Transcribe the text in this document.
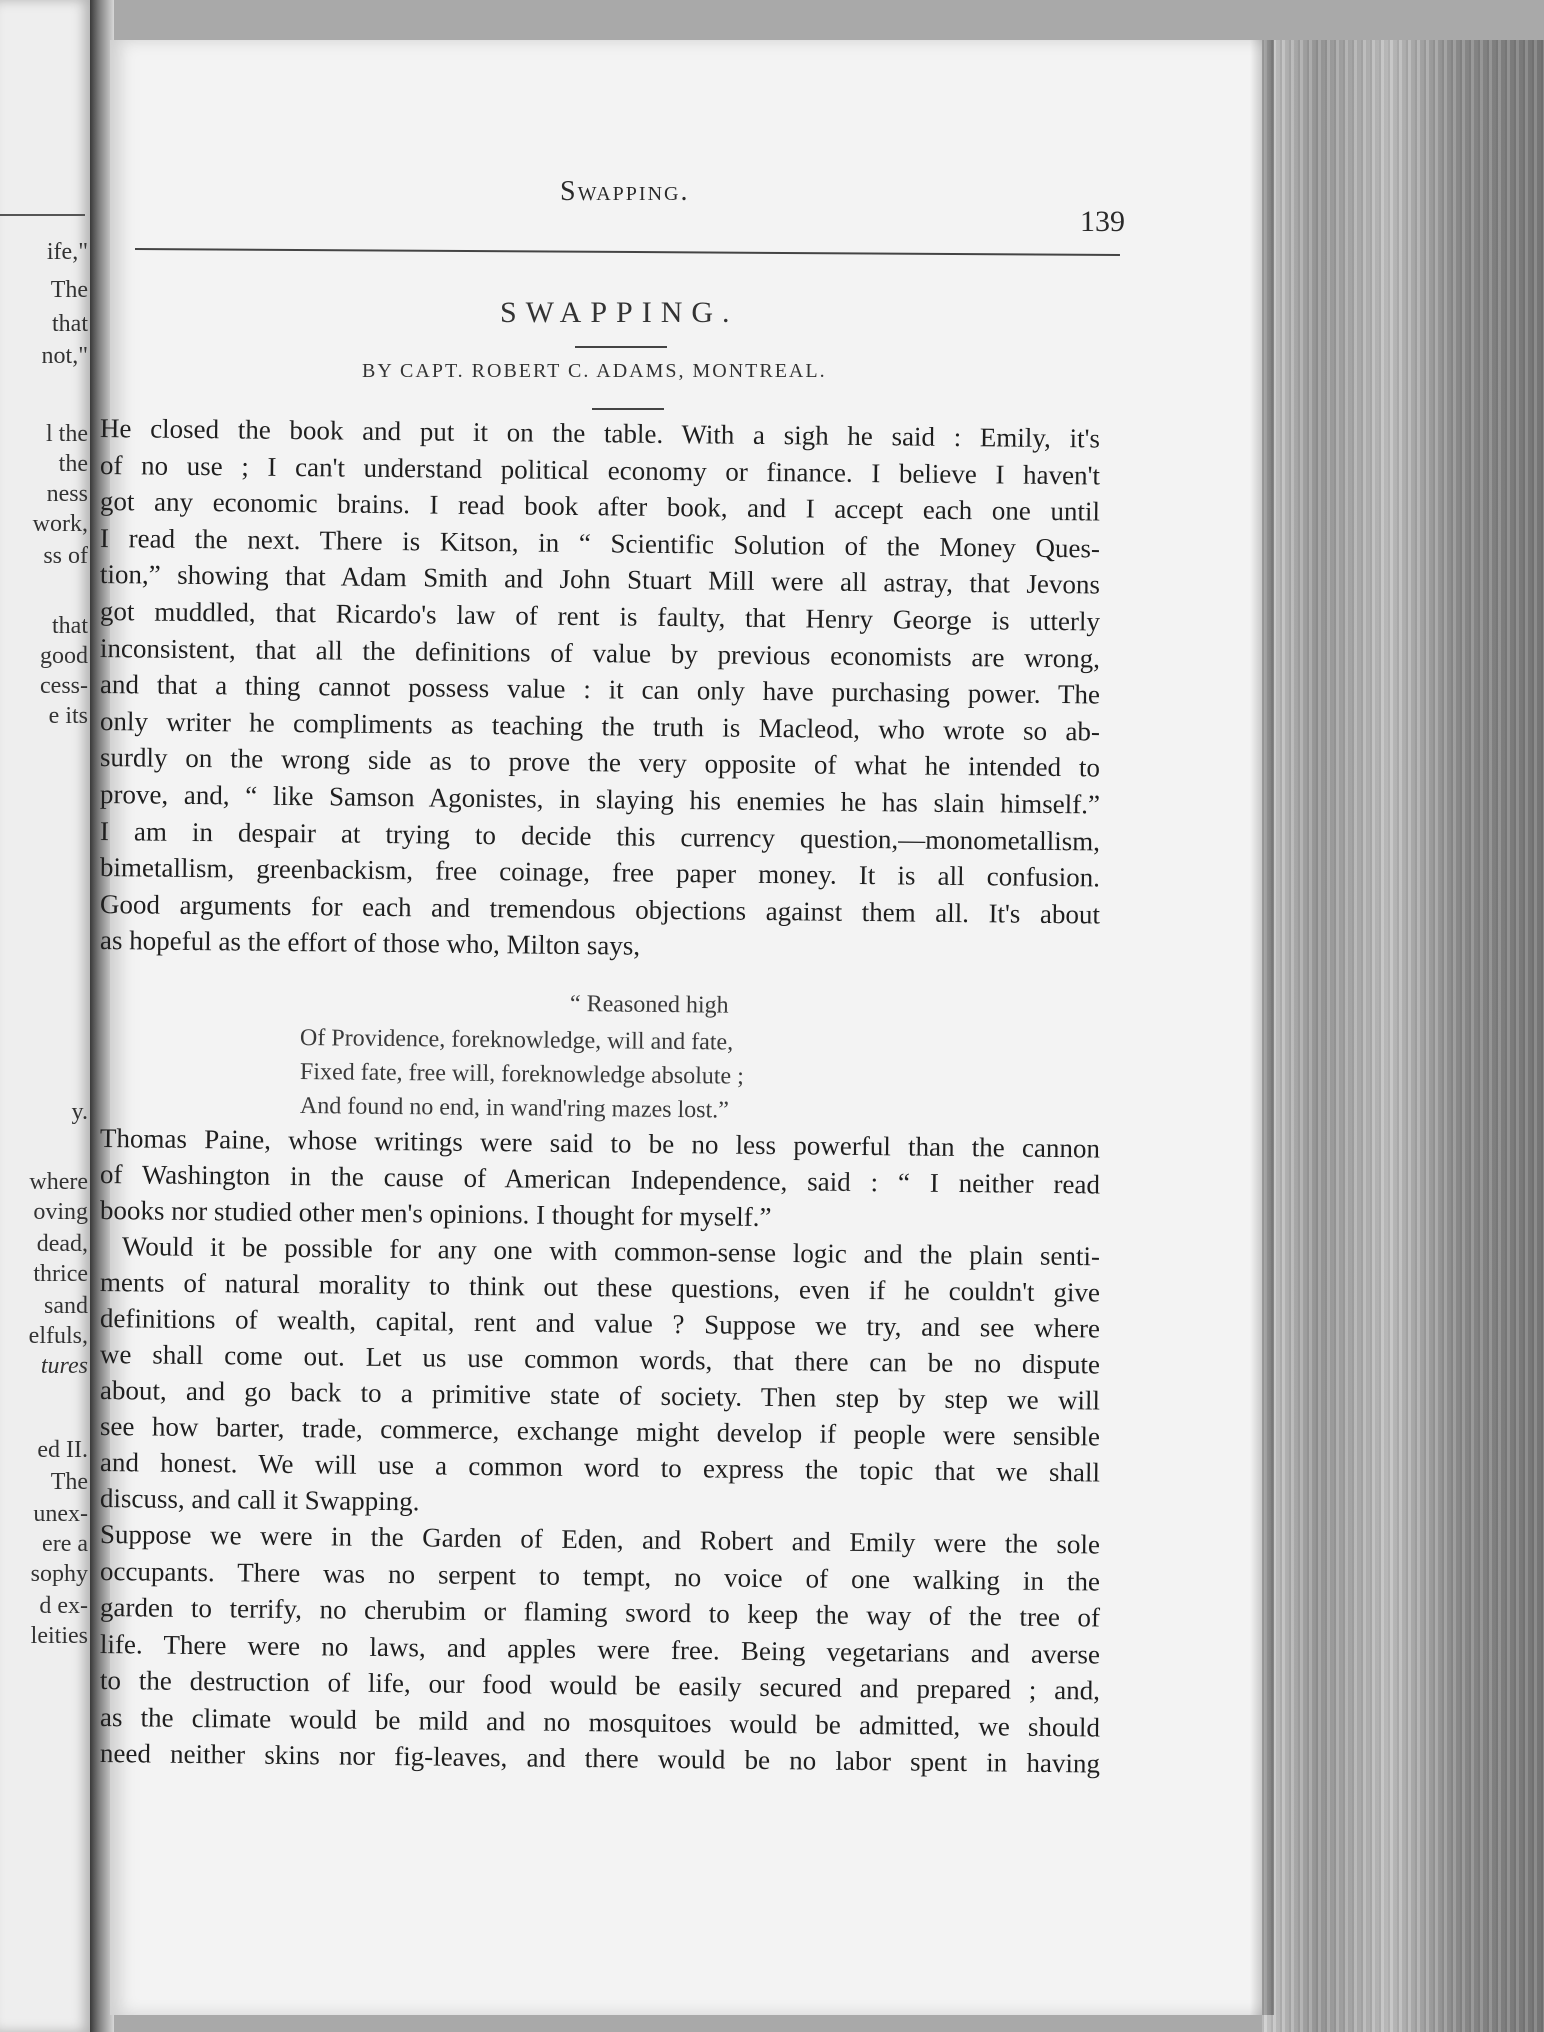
ife,"
The
that
not,"
l the
the
ness
work,
ss of
that
good
cess-
e its
y.
where
oving
dead,
thrice
sand
elfuls,
tures
ed II.
The
unex-
ere a
sophy
d ex-
leities
Swapping.
139
SWAPPING.
BY CAPT. ROBERT C. ADAMS, MONTREAL.
He closed the book and put it on the table. With a sigh he said : Emily, it's
of no use ; I can't understand political economy or finance. I believe I haven't
got any economic brains. I read book after book, and I accept each one until
I read the next. There is Kitson, in “ Scientific Solution of the Money Ques-
tion,” showing that Adam Smith and John Stuart Mill were all astray, that Jevons
got muddled, that Ricardo's law of rent is faulty, that Henry George is utterly
inconsistent, that all the definitions of value by previous economists are wrong,
and that a thing cannot possess value : it can only have purchasing power. The
only writer he compliments as teaching the truth is Macleod, who wrote so ab-
surdly on the wrong side as to prove the very opposite of what he intended to
prove, and, “ like Samson Agonistes, in slaying his enemies he has slain himself.”
I am in despair at trying to decide this currency question,—monometallism,
bimetallism, greenbackism, free coinage, free paper money. It is all confusion.
Good arguments for each and tremendous objections against them all. It's about
as hopeful as the effort of those who, Milton says,
“ Reasoned high
Of Providence, foreknowledge, will and fate,
Fixed fate, free will, foreknowledge absolute ;
And found no end, in wand'ring mazes lost.”
Thomas Paine, whose writings were said to be no less powerful than the cannon
of Washington in the cause of American Independence, said : “ I neither read
books nor studied other men's opinions. I thought for myself.”
Would it be possible for any one with common-sense logic and the plain senti-
ments of natural morality to think out these questions, even if he couldn't give
definitions of wealth, capital, rent and value ? Suppose we try, and see where
we shall come out. Let us use common words, that there can be no dispute
about, and go back to a primitive state of society. Then step by step we will
see how barter, trade, commerce, exchange might develop if people were sensible
and honest. We will use a common word to express the topic that we shall
discuss, and call it Swapping.
Suppose we were in the Garden of Eden, and Robert and Emily were the sole
occupants. There was no serpent to tempt, no voice of one walking in the
garden to terrify, no cherubim or flaming sword to keep the way of the tree of
life. There were no laws, and apples were free. Being vegetarians and averse
to the destruction of life, our food would be easily secured and prepared ; and,
as the climate would be mild and no mosquitoes would be admitted, we should
need neither skins nor fig-leaves, and there would be no labor spent in having
